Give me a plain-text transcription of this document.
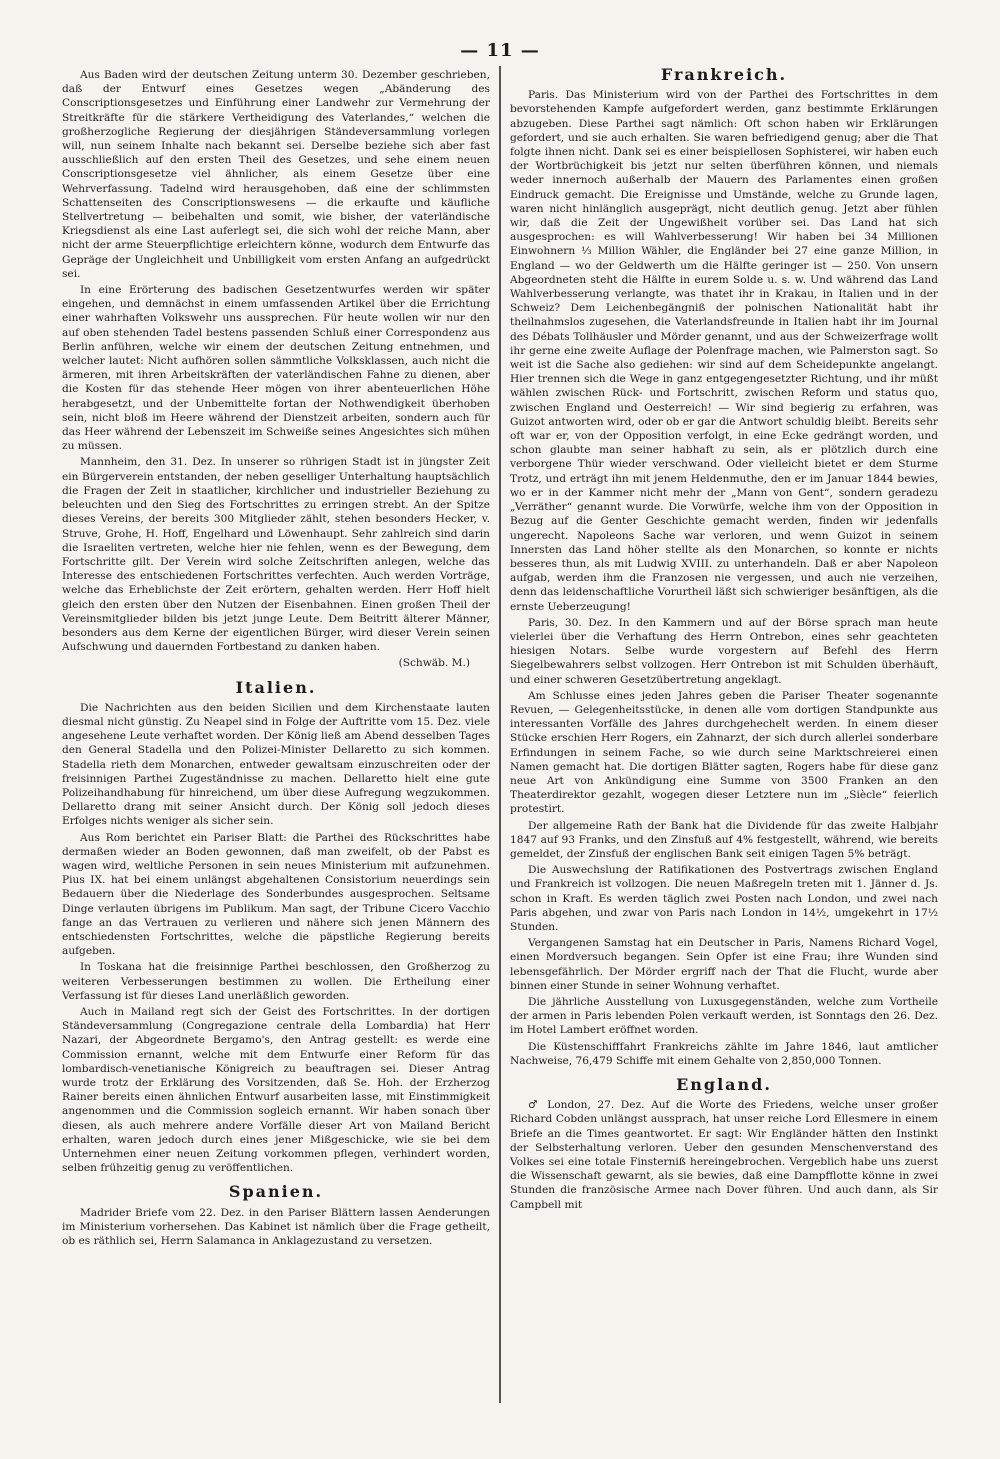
— 11 —

Aus Baden wird der deutschen Zeitung unterm 30. Dezember geschrieben, daß der Entwurf eines Gesetzes wegen „Abänderung des Conscriptionsgesetzes und Einführung einer Landwehr zur Vermehrung der Streitkräfte für die stärkere Vertheidigung des Vaterlandes,“ welchen die großherzogliche Regierung der diesjährigen Ständeversammlung vorlegen will, nun seinem Inhalte nach bekannt sei. Derselbe beziehe sich aber fast ausschließlich auf den ersten Theil des Gesetzes, und sehe einem neuen Conscriptionsgesetze viel ähnlicher, als einem Gesetze über eine Wehrverfassung. Tadelnd wird herausgehoben, daß eine der schlimmsten Schattenseiten des Conscriptionswesens — die erkaufte und käufliche Stellvertretung — beibehalten und somit, wie bisher, der vaterländische Kriegsdienst als eine Last auferlegt sei, die sich wohl der reiche Mann, aber nicht der arme Steuerpflichtige erleichtern könne, wodurch dem Entwurfe das Gepräge der Ungleichheit und Unbilligkeit vom ersten Anfang an aufgedrückt sei.

In eine Erörterung des badischen Gesetzentwurfes werden wir später eingehen, und demnächst in einem umfassenden Artikel über die Errichtung einer wahrhaften Volkswehr uns aussprechen. Für heute wollen wir nur den auf oben stehenden Tadel bestens passenden Schluß einer Correspondenz aus Berlin anführen, welche wir einem der deutschen Zeitung entnehmen, und welcher lautet: Nicht aufhören sollen sämmtliche Volksklassen, auch nicht die ärmeren, mit ihren Arbeitskräften der vaterländischen Fahne zu dienen, aber die Kosten für das stehende Heer mögen von ihrer abenteuerlichen Höhe herabgesetzt, und der Unbemittelte fortan der Nothwendigkeit überhoben sein, nicht bloß im Heere während der Dienstzeit arbeiten, sondern auch für das Heer während der Lebenszeit im Schweiße seines Angesichtes sich mühen zu müssen.

Mannheim, den 31. Dez. In unserer so rührigen Stadt ist in jüngster Zeit ein Bürgerverein entstanden, der neben geselliger Unterhaltung hauptsächlich die Fragen der Zeit in staatlicher, kirchlicher und industrieller Beziehung zu beleuchten und den Sieg des Fortschrittes zu erringen strebt. An der Spitze dieses Vereins, der bereits 300 Mitglieder zählt, stehen besonders Hecker, v. Struve, Grohe, H. Hoff, Engelhard und Löwenhaupt. Sehr zahlreich sind darin die Israeliten vertreten, welche hier nie fehlen, wenn es der Bewegung, dem Fortschritte gilt. Der Verein wird solche Zeitschriften anlegen, welche das Interesse des entschiedenen Fortschrittes verfechten. Auch werden Vorträge, welche das Erheblichste der Zeit erörtern, gehalten werden. Herr Hoff hielt gleich den ersten über den Nutzen der Eisenbahnen. Einen großen Theil der Vereinsmitglieder bilden bis jetzt junge Leute. Dem Beitritt älterer Männer, besonders aus dem Kerne der eigentlichen Bürger, wird dieser Verein seinen Aufschwung und dauernden Fortbestand zu danken haben.

(Schwäb. M.)

Italien.

Die Nachrichten aus den beiden Sicilien und dem Kirchenstaate lauten diesmal nicht günstig. Zu Neapel sind in Folge der Auftritte vom 15. Dez. viele angesehene Leute verhaftet worden. Der König ließ am Abend desselben Tages den General Stadella und den Polizei-Minister Dellaretto zu sich kommen. Stadella rieth dem Monarchen, entweder gewaltsam einzuschreiten oder der freisinnigen Parthei Zugeständnisse zu machen. Dellaretto hielt eine gute Polizeihandhabung für hinreichend, um über diese Aufregung wegzukommen. Dellaretto drang mit seiner Ansicht durch. Der König soll jedoch dieses Erfolges nichts weniger als sicher sein.

Aus Rom berichtet ein Pariser Blatt: die Parthei des Rückschrittes habe dermaßen wieder an Boden gewonnen, daß man zweifelt, ob der Pabst es wagen wird, weltliche Personen in sein neues Ministerium mit aufzunehmen. Pius IX. hat bei einem unlängst abgehaltenen Consistorium neuerdings sein Bedauern über die Niederlage des Sonderbundes ausgesprochen. Seltsame Dinge verlauten übrigens im Publikum. Man sagt, der Tribune Cicero Vacchio fange an das Vertrauen zu verlieren und nähere sich jenen Männern des entschiedensten Fortschrittes, welche die päpstliche Regierung bereits aufgeben.

In Toskana hat die freisinnige Parthei beschlossen, den Großherzog zu weiteren Verbesserungen bestimmen zu wollen. Die Ertheilung einer Verfassung ist für dieses Land unerläßlich geworden.

Auch in Mailand regt sich der Geist des Fortschrittes. In der dortigen Ständeversammlung (Congregazione centrale della Lombardia) hat Herr Nazari, der Abgeordnete Bergamo's, den Antrag gestellt: es werde eine Commission ernannt, welche mit dem Entwurfe einer Reform für das lombardisch-venetianische Königreich zu beauftragen sei. Dieser Antrag wurde trotz der Erklärung des Vorsitzenden, daß Se. Hoh. der Erzherzog Rainer bereits einen ähnlichen Entwurf ausarbeiten lasse, mit Einstimmigkeit angenommen und die Commission sogleich ernannt. Wir haben sonach über diesen, als auch mehrere andere Vorfälle dieser Art von Mailand Bericht erhalten, waren jedoch durch eines jener Mißgeschicke, wie sie bei dem Unternehmen einer neuen Zeitung vorkommen pflegen, verhindert worden, selben frühzeitig genug zu veröffentlichen.

Spanien.

Madrider Briefe vom 22. Dez. in den Pariser Blättern lassen Aenderungen im Ministerium vorhersehen. Das Kabinet ist nämlich über die Frage getheilt, ob es räthlich sei, Herrn Salamanca in Anklagezustand zu versetzen.

Frankreich.

Paris. Das Ministerium wird von der Parthei des Fortschrittes in dem bevorstehenden Kampfe aufgefordert werden, ganz bestimmte Erklärungen abzugeben. Diese Parthei sagt nämlich: Oft schon haben wir Erklärungen gefordert, und sie auch erhalten. Sie waren befriedigend genug; aber die That folgte ihnen nicht. Dank sei es einer beispiellosen Sophisterei, wir haben euch der Wortbrüchigkeit bis jetzt nur selten überführen können, und niemals weder innernoch außerhalb der Mauern des Parlamentes einen großen Eindruck gemacht. Die Ereignisse und Umstände, welche zu Grunde lagen, waren nicht hinlänglich ausgeprägt, nicht deutlich genug. Jetzt aber fühlen wir, daß die Zeit der Ungewißheit vorüber sei. Das Land hat sich ausgesprochen: es will Wahlverbesserung! Wir haben bei 34 Millionen Einwohnern ⅓ Million Wähler, die Engländer bei 27 eine ganze Million, in England — wo der Geldwerth um die Hälfte geringer ist — 250. Von unsern Abgeordneten steht die Hälfte in eurem Solde u. s. w. Und während das Land Wahlverbesserung verlangte, was thatet ihr in Krakau, in Italien und in der Schweiz? Dem Leichenbegängniß der polnischen Nationalität habt ihr theilnahmslos zugesehen, die Vaterlandsfreunde in Italien habt ihr im Journal des Débats Tollhäusler und Mörder genannt, und aus der Schweizerfrage wollt ihr gerne eine zweite Auflage der Polenfrage machen, wie Palmerston sagt. So weit ist die Sache also gediehen: wir sind auf dem Scheidepunkte angelangt. Hier trennen sich die Wege in ganz entgegengesetzter Richtung, und ihr müßt wählen zwischen Rück- und Fortschritt, zwischen Reform und status quo, zwischen England und Oesterreich! — Wir sind begierig zu erfahren, was Guizot antworten wird, oder ob er gar die Antwort schuldig bleibt. Bereits sehr oft war er, von der Opposition verfolgt, in eine Ecke gedrängt worden, und schon glaubte man seiner habhaft zu sein, als er plötzlich durch eine verborgene Thür wieder verschwand. Oder vielleicht bietet er dem Sturme Trotz, und erträgt ihn mit jenem Heldenmuthe, den er im Januar 1844 bewies, wo er in der Kammer nicht mehr der „Mann von Gent“, sondern geradezu „Verräther“ genannt wurde. Die Vorwürfe, welche ihm von der Opposition in Bezug auf die Genter Geschichte gemacht werden, finden wir jedenfalls ungerecht. Napoleons Sache war verloren, und wenn Guizot in seinem Innersten das Land höher stellte als den Monarchen, so konnte er nichts besseres thun, als mit Ludwig XVIII. zu unterhandeln. Daß er aber Napoleon aufgab, werden ihm die Franzosen nie vergessen, und auch nie verzeihen, denn das leidenschaftliche Vorurtheil läßt sich schwieriger besänftigen, als die ernste Ueberzeugung!

Paris, 30. Dez. In den Kammern und auf der Börse sprach man heute vielerlei über die Verhaftung des Herrn Ontrebon, eines sehr geachteten hiesigen Notars. Selbe wurde vorgestern auf Befehl des Herrn Siegelbewahrers selbst vollzogen. Herr Ontrebon ist mit Schulden überhäuft, und einer schweren Gesetzübertretung angeklagt.

Am Schlusse eines jeden Jahres geben die Pariser Theater sogenannte Revuen, — Gelegenheitsstücke, in denen alle vom dortigen Standpunkte aus interessanten Vorfälle des Jahres durchgehechelt werden. In einem dieser Stücke erschien Herr Rogers, ein Zahnarzt, der sich durch allerlei sonderbare Erfindungen in seinem Fache, so wie durch seine Marktschreierei einen Namen gemacht hat. Die dortigen Blätter sagten, Rogers habe für diese ganz neue Art von Ankündigung eine Summe von 3500 Franken an den Theaterdirektor gezahlt, wogegen dieser Letztere nun im „Siècle“ feierlich protestirt.

Der allgemeine Rath der Bank hat die Dividende für das zweite Halbjahr 1847 auf 93 Franks, und den Zinsfuß auf 4% festgestellt, während, wie bereits gemeldet, der Zinsfuß der englischen Bank seit einigen Tagen 5% beträgt.

Die Auswechslung der Ratifikationen des Postvertrags zwischen England und Frankreich ist vollzogen. Die neuen Maßregeln treten mit 1. Jänner d. Js. schon in Kraft. Es werden täglich zwei Posten nach London, und zwei nach Paris abgehen, und zwar von Paris nach London in 14½, umgekehrt in 17½ Stunden.

Vergangenen Samstag hat ein Deutscher in Paris, Namens Richard Vogel, einen Mordversuch begangen. Sein Opfer ist eine Frau; ihre Wunden sind lebensgefährlich. Der Mörder ergriff nach der That die Flucht, wurde aber binnen einer Stunde in seiner Wohnung verhaftet.

Die jährliche Ausstellung von Luxusgegenständen, welche zum Vortheile der armen in Paris lebenden Polen verkauft werden, ist Sonntags den 26. Dez. im Hotel Lambert eröffnet worden.

Die Küstenschifffahrt Frankreichs zählte im Jahre 1846, laut amtlicher Nachweise, 76,479 Schiffe mit einem Gehalte von 2,850,000 Tonnen.

England.

♂ London, 27. Dez. Auf die Worte des Friedens, welche unser großer Richard Cobden unlängst aussprach, hat unser reiche Lord Ellesmere in einem Briefe an die Times geantwortet. Er sagt: Wir Engländer hätten den Instinkt der Selbsterhaltung verloren. Ueber den gesunden Menschenverstand des Volkes sei eine totale Finsterniß hereingebrochen. Vergeblich habe uns zuerst die Wissenschaft gewarnt, als sie bewies, daß eine Dampfflotte könne in zwei Stunden die französische Armee nach Dover führen. Und auch dann, als Sir Campbell mit
